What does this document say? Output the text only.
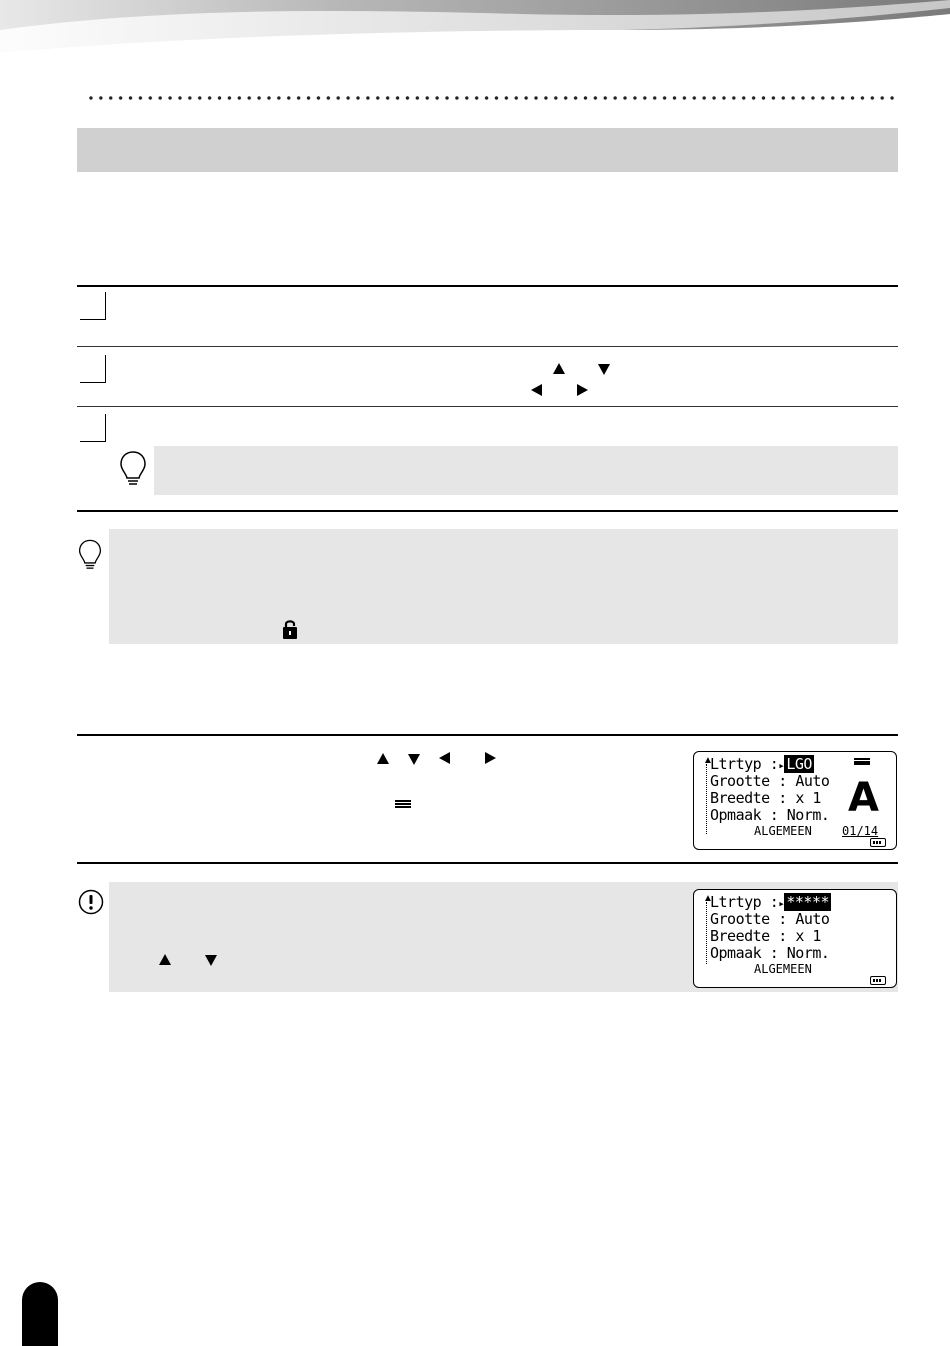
▲
Ltrtyp :▸ LGO
Grootte : Auto
Breedte : x 1
Opmaak : Norm.
ALGEMEEN	01/14
A
▲
Ltrtyp :▸ *****
Grootte : Auto
Breedte : x 1
Opmaak : Norm.
ALGEMEEN
